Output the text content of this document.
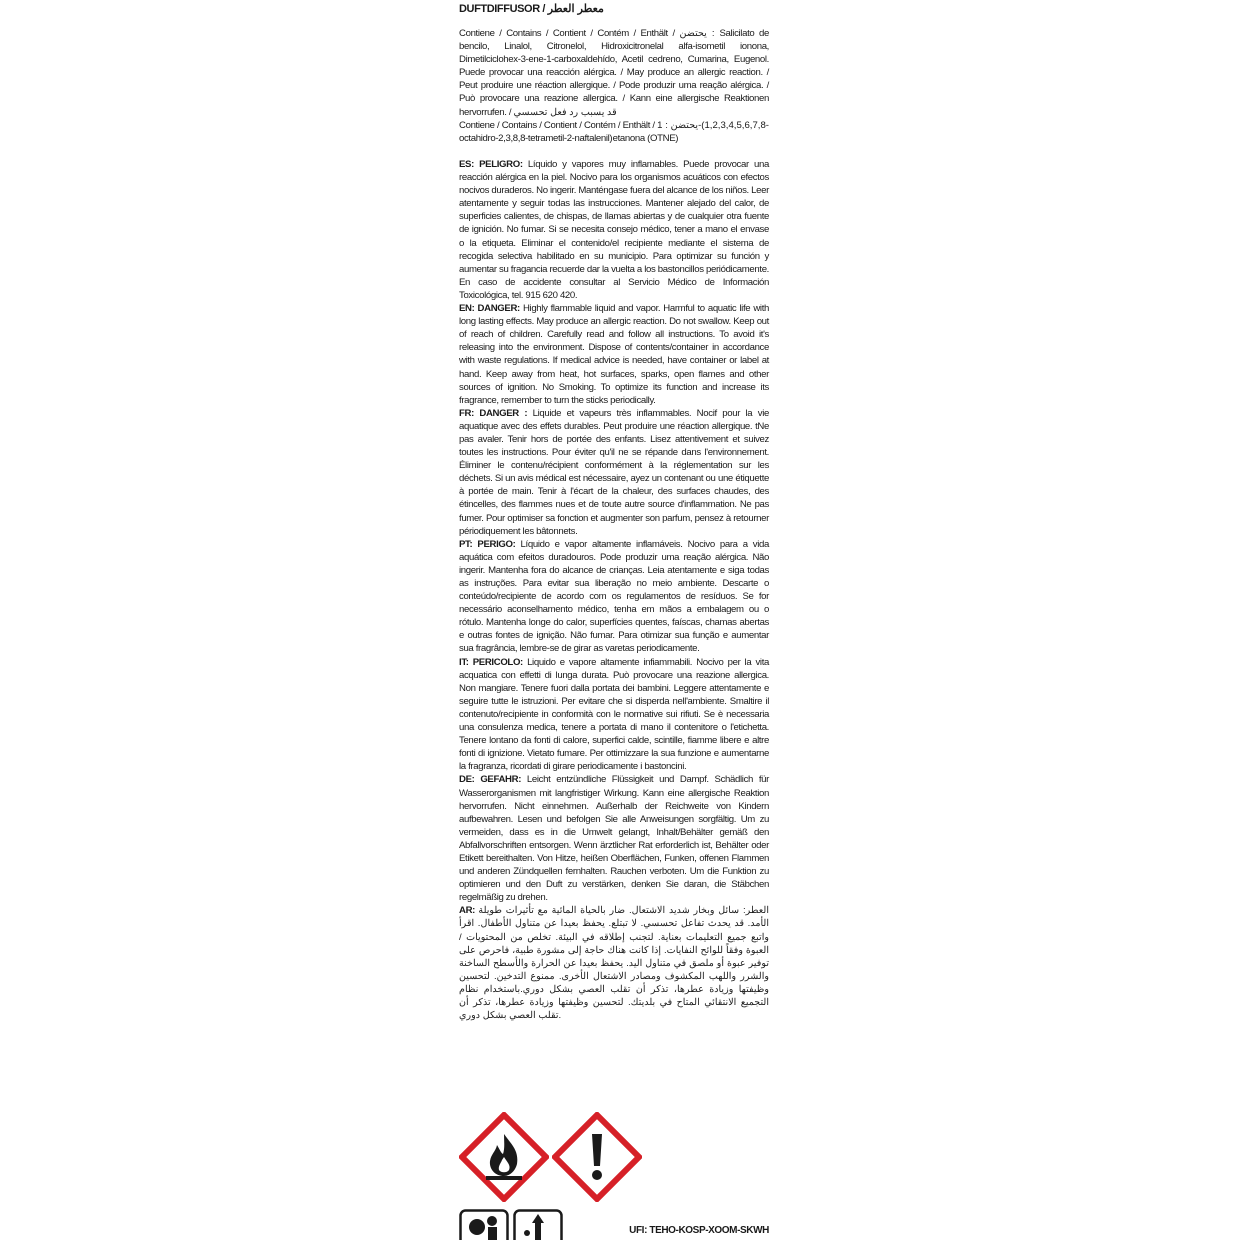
DUFTDIFFUSOR / معطر العطر

Contiene / Contains / Contient / Contém / Enthält / يحتضن : Salicilato de bencilo, Linalol, Citronelol, Hidroxicitronelal alfa-isometil ionona, Dimetilciclohex-3-ene-1-carboxaldehído, Acetil cedreno, Cumarina, Eugenol. Puede provocar una reacción alérgica. / May produce an allergic reaction. / Peut produire une réaction allergique. / Pode produzir uma reação alérgica. / Può provocare una reazione allergica. / Kann eine allergische Reaktionen hervorrufen. / قد يسبب رد فعل تحسسي

Contiene / Contains / Contient / Contém / Enthält / يحتضن : 1-(1,2,3,4,5,6,7,8-octahidro-2,3,8,8-tetrametil-2-naftalenil)etanona (OTNE)

ES: PELIGRO: Líquido y vapores muy inflamables. Puede provocar una reacción alérgica en la piel. Nocivo para los organismos acuáticos con efectos nocivos duraderos. No ingerir. Manténgase fuera del alcance de los niños. Leer atentamente y seguir todas las instrucciones. Mantener alejado del calor, de superficies calientes, de chispas, de llamas abiertas y de cualquier otra fuente de ignición. No fumar. Si se necesita consejo médico, tener a mano el envase o la etiqueta. Eliminar el contenido/el recipiente mediante el sistema de recogida selectiva habilitado en su municipio. Para optimizar su función y aumentar su fragancia recuerde dar la vuelta a los bastoncillos periódicamente. En caso de accidente consultar al Servicio Médico de Información Toxicológica, tel. 915 620 420.

EN: DANGER: Highly flammable liquid and vapor. Harmful to aquatic life with long lasting effects. May produce an allergic reaction. Do not swallow. Keep out of reach of children. Carefully read and follow all instructions. To avoid it's releasing into the environment. Dispose of contents/container in accordance with waste regulations. If medical advice is needed, have container or label at hand. Keep away from heat, hot surfaces, sparks, open flames and other sources of ignition. No Smoking. To optimize its function and increase its fragrance, remember to turn the sticks periodically.

FR: DANGER : Liquide et vapeurs très inflammables. Nocif pour la vie aquatique avec des effets durables. Peut produire une réaction allergique. tNe pas avaler. Tenir hors de portée des enfants. Lisez attentivement et suivez toutes les instructions. Pour éviter qu'il ne se répande dans l'environnement. Éliminer le contenu/récipient conformément à la réglementation sur les déchets. Si un avis médical est nécessaire, ayez un contenant ou une étiquette à portée de main. Tenir à l'écart de la chaleur, des surfaces chaudes, des étincelles, des flammes nues et de toute autre source d'inflammation. Ne pas fumer. Pour optimiser sa fonction et augmenter son parfum, pensez à retourner périodiquement les bâtonnets.

PT: PERIGO: Líquido e vapor altamente inflamáveis. Nocivo para a vida aquática com efeitos duradouros. Pode produzir uma reação alérgica. Não ingerir. Mantenha fora do alcance de crianças. Leia atentamente e siga todas as instruções. Para evitar sua liberação no meio ambiente. Descarte o conteúdo/recipiente de acordo com os regulamentos de resíduos. Se for necessário aconselhamento médico, tenha em mãos a embalagem ou o rótulo. Mantenha longe do calor, superfícies quentes, faíscas, chamas abertas e outras fontes de ignição. Não fumar. Para otimizar sua função e aumentar sua fragrância, lembre-se de girar as varetas periodicamente.

IT: PERICOLO: Liquido e vapore altamente infiammabili. Nocivo per la vita acquatica con effetti di lunga durata. Può provocare una reazione allergica. Non mangiare. Tenere fuori dalla portata dei bambini. Leggere attentamente e seguire tutte le istruzioni. Per evitare che si disperda nell'ambiente. Smaltire il contenuto/recipiente in conformità con le normative sui rifiuti. Se è necessaria una consulenza medica, tenere a portata di mano il contenitore o l'etichetta. Tenere lontano da fonti di calore, superfici calde, scintille, fiamme libere e altre fonti di ignizione. Vietato fumare. Per ottimizzare la sua funzione e aumentarne la fragranza, ricordati di girare periodicamente i bastoncini.

DE: GEFAHR: Leicht entzündliche Flüssigkeit und Dampf. Schädlich für Wasserorganismen mit langfristiger Wirkung. Kann eine allergische Reaktion hervorrufen. Nicht einnehmen. Außerhalb der Reichweite von Kindern aufbewahren. Lesen und befolgen Sie alle Anweisungen sorgfältig. Um zu vermeiden, dass es in die Umwelt gelangt, Inhalt/Behälter gemäß den Abfallvorschriften entsorgen. Wenn ärztlicher Rat erforderlich ist, Behälter oder Etikett bereithalten. Von Hitze, heißen Oberflächen, Funken, offenen Flammen und anderen Zündquellen fernhalten. Rauchen verboten. Um die Funktion zu optimieren und den Duft zu verstärken, denken Sie daran, die Stäbchen regelmäßig zu drehen.

AR: العطر: سائل وبخار شديد الاشتعال. ضار بالحياة المائية مع تأثيرات طويلة الأمد. قد يحدث تفاعل تحسسي. لا تبتلع. يحفظ بعيدا عن متناول الأطفال. اقرأ واتبع جميع التعليمات بعناية. لتجنب إطلاقه في البيئة. تخلص من المحتويات / العبوة وفقاً للوائح النفايات. إذا كانت هناك حاجة إلى مشورة طبية، فاحرص على توفير عبوة أو ملصق في متناول اليد. يحفظ بعيدا عن الحرارة والأسطح الساخنة والشرر واللهب المكشوف ومصادر الاشتعال الأخرى. ممنوع التدخين. لتحسين وظيفتها وزيادة عطرها، تذكر أن تقلب العصي بشكل دوري.باستخدام نظام التجميع الانتقائي المتاح في بلديتك. لتحسين وظيفتها وزيادة عطرها، تذكر أن تقلب العصي بشكل دوري.

UFI: TEHO-KOSP-XOOM-SKWH
